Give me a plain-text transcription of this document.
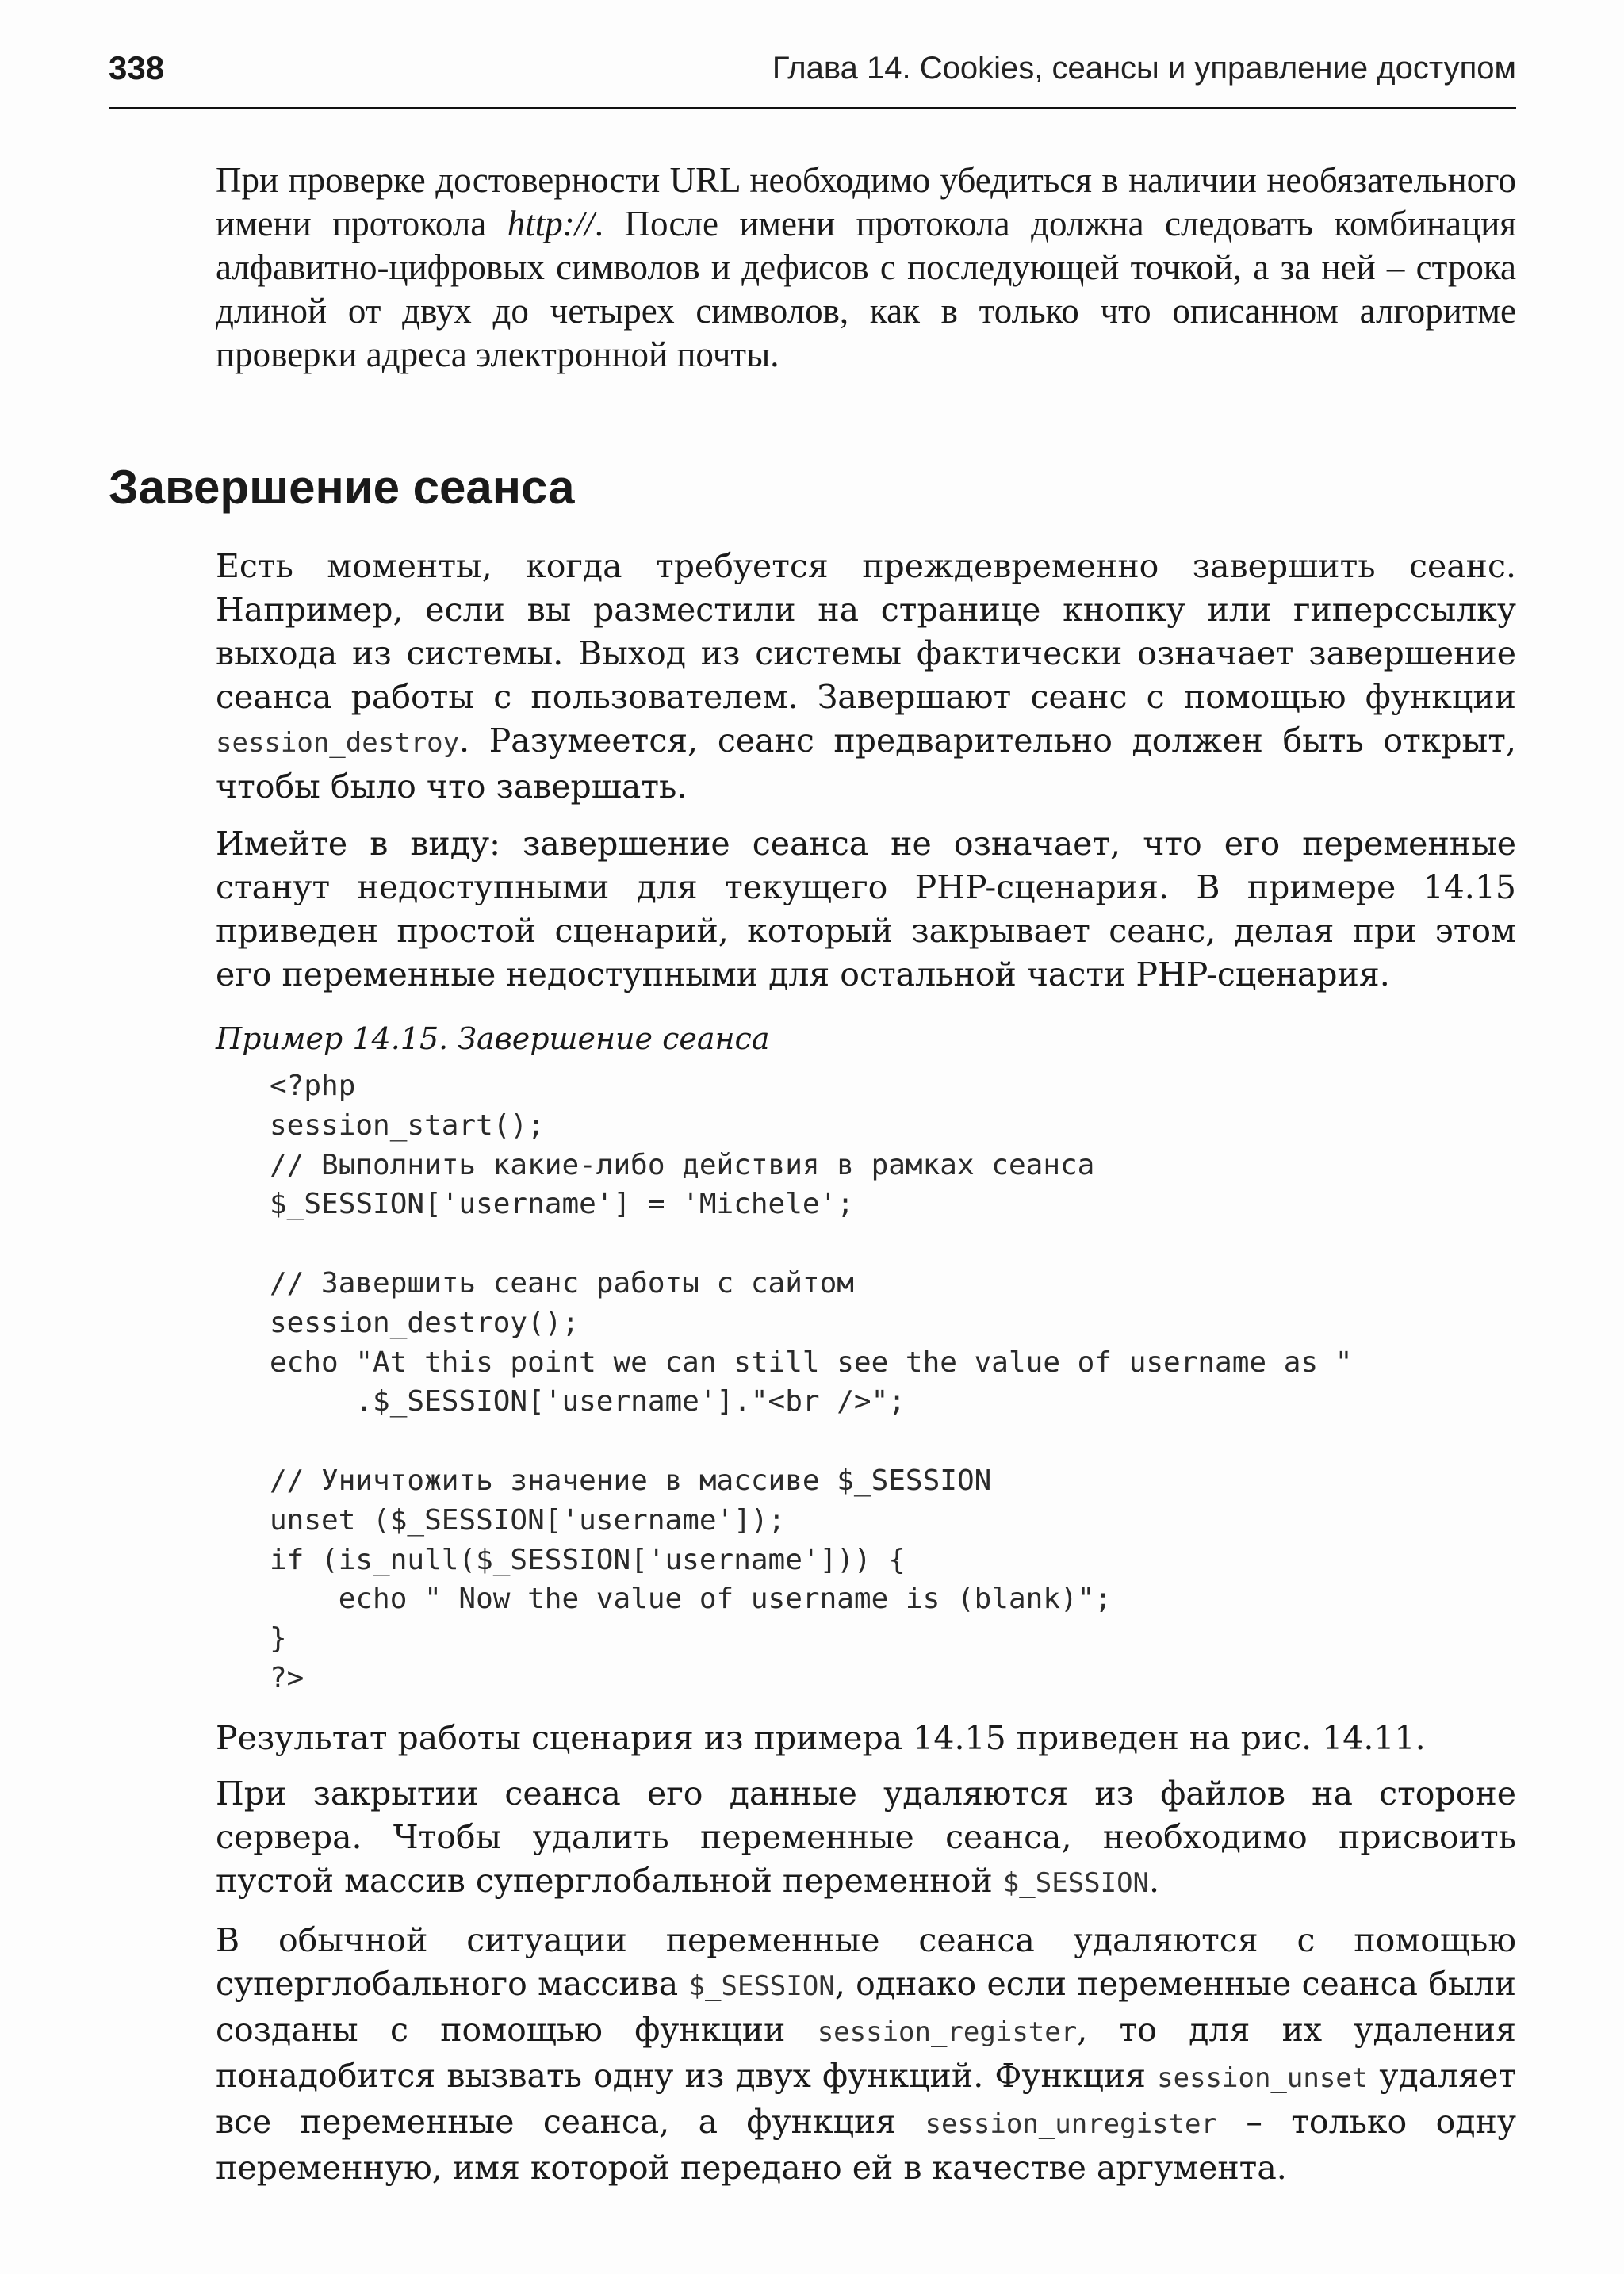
338	Глава 14. Cookies, сеансы и управление доступом

При проверке достоверности URL необходимо убедиться в наличии необязательного имени протокола http://. После имени протокола должна следовать комбинация алфавитно-цифровых символов и дефисов с последующей точкой, а за ней – строка длиной от двух до четырех символов, как в только что описанном алгоритме проверки адреса электронной почты.

Завершение сеанса

Есть моменты, когда требуется преждевременно завершить сеанс. Например, если вы разместили на странице кнопку или гиперссылку выхода из системы. Выход из системы фактически означает завершение сеанса работы с пользователем. Завершают сеанс с помощью функции session_destroy. Разумеется, сеанс предварительно должен быть открыт, чтобы было что завершать.

Имейте в виду: завершение сеанса не означает, что его переменные станут недоступными для текущего PHP-сценария. В примере 14.15 приведен простой сценарий, который закрывает сеанс, делая при этом его переменные недоступными для остальной части PHP-сценария.

Пример 14.15. Завершение сеанса

<?php
session_start();
// Выполнить какие-либо действия в рамках сеанса
$_SESSION['username'] = 'Michele';

// Завершить сеанс работы с сайтом
session_destroy();
echo "At this point we can still see the value of username as "
.$_SESSION['username']."<br />";

// Уничтожить значение в массиве $_SESSION
unset ($_SESSION['username']);
if (is_null($_SESSION['username'])) {
echo " Now the value of username is (blank)";
}
?>

Результат работы сценария из примера 14.15 приведен на рис. 14.11.

При закрытии сеанса его данные удаляются из файлов на стороне сервера. Чтобы удалить переменные сеанса, необходимо присвоить пустой массив суперглобальной переменной $_SESSION.

В обычной ситуации переменные сеанса удаляются с помощью суперглобального массива $_SESSION, однако если переменные сеанса были созданы с помощью функции session_register, то для их удаления понадобится вызвать одну из двух функций. Функция session_unset удаляет все переменные сеанса, а функция session_unregister – только одну переменную, имя которой передано ей в качестве аргумента.
